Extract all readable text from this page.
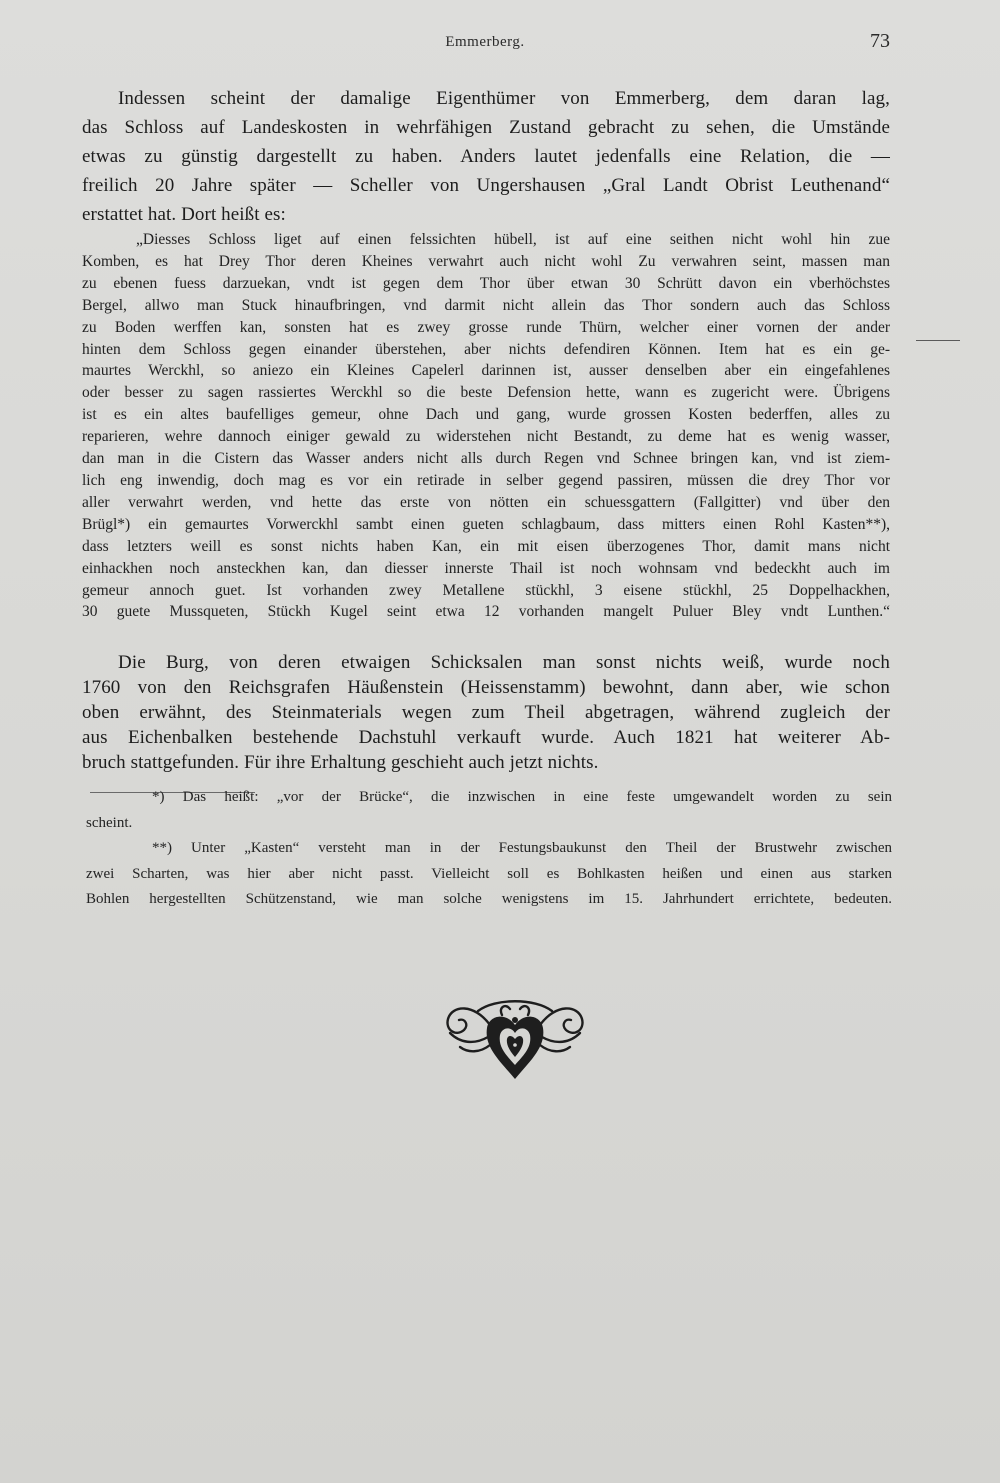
Emmerberg.	73
Indessen scheint der damalige Eigenthümer von Emmerberg, dem daran lag,
das Schloss auf Landeskosten in wehrfähigen Zustand gebracht zu sehen, die Umstände
etwas zu günstig dargestellt zu haben. Anders lautet jedenfalls eine Relation, die —
freilich 20 Jahre später — Scheller von Ungershausen „Gral Landt Obrist Leuthenand“
erstattet hat. Dort heißt es:
„Diesses Schloss liget auf einen felssichten hübell, ist auf eine seithen nicht wohl hin zue
Komben, es hat Drey Thor deren Kheines verwahrt auch nicht wohl Zu verwahren seint, massen man
zu ebenen fuess darzuekan, vndt ist gegen dem Thor über etwan 30 Schrütt davon ein vberhöchstes
Bergel, allwo man Stuck hinaufbringen, vnd darmit nicht allein das Thor sondern auch das Schloss
zu Boden werffen kan, sonsten hat es zwey grosse runde Thürn, welcher einer vornen der ander
hinten dem Schloss gegen einander überstehen, aber nichts defendiren Können. Item hat es ein ge-
maurtes Werckhl, so aniezo ein Kleines Capelerl darinnen ist, ausser denselben aber ein eingefahlenes
oder besser zu sagen rassiertes Werckhl so die beste Defension hette, wann es zugericht were. Übrigens
ist es ein altes baufelliges gemeur, ohne Dach und gang, wurde grossen Kosten bederffen, alles zu
reparieren, wehre dannoch einiger gewald zu widerstehen nicht Bestandt, zu deme hat es wenig wasser,
dan man in die Cistern das Wasser anders nicht alls durch Regen vnd Schnee bringen kan, vnd ist ziem-
lich eng inwendig, doch mag es vor ein retirade in selber gegend passiren, müssen die drey Thor vor
aller verwahrt werden, vnd hette das erste von nötten ein schuessgattern (Fallgitter) vnd über den
Brügl*) ein gemaurtes Vorwerckhl sambt einen gueten schlagbaum, dass mitters einen Rohl Kasten**),
dass letzters weill es sonst nichts haben Kan, ein mit eisen überzogenes Thor, damit mans nicht
einhackhen noch ansteckhen kan, dan diesser innerste Thail ist noch wohnsam vnd bedeckht auch im
gemeur annoch guet. Ist vorhanden zwey Metallene stückhl, 3 eisene stückhl, 25 Doppelhackhen,
30 guete Mussqueten, Stückh Kugel seint etwa 12 vorhanden mangelt Puluer Bley vndt Lunthen.“
Die Burg, von deren etwaigen Schicksalen man sonst nichts weiß, wurde noch
1760 von den Reichsgrafen Häußenstein (Heissenstamm) bewohnt, dann aber, wie schon
oben erwähnt, des Steinmaterials wegen zum Theil abgetragen, während zugleich der
aus Eichenbalken bestehende Dachstuhl verkauft wurde. Auch 1821 hat weiterer Ab-
bruch stattgefunden. Für ihre Erhaltung geschieht auch jetzt nichts.
*) Das heißt: „vor der Brücke“, die inzwischen in eine feste umgewandelt worden zu sein
scheint.
**) Unter „Kasten“ versteht man in der Festungsbaukunst den Theil der Brustwehr zwischen
zwei Scharten, was hier aber nicht passt. Vielleicht soll es Bohlkasten heißen und einen aus starken
Bohlen hergestellten Schützenstand, wie man solche wenigstens im 15. Jahrhundert errichtete, bedeuten.
